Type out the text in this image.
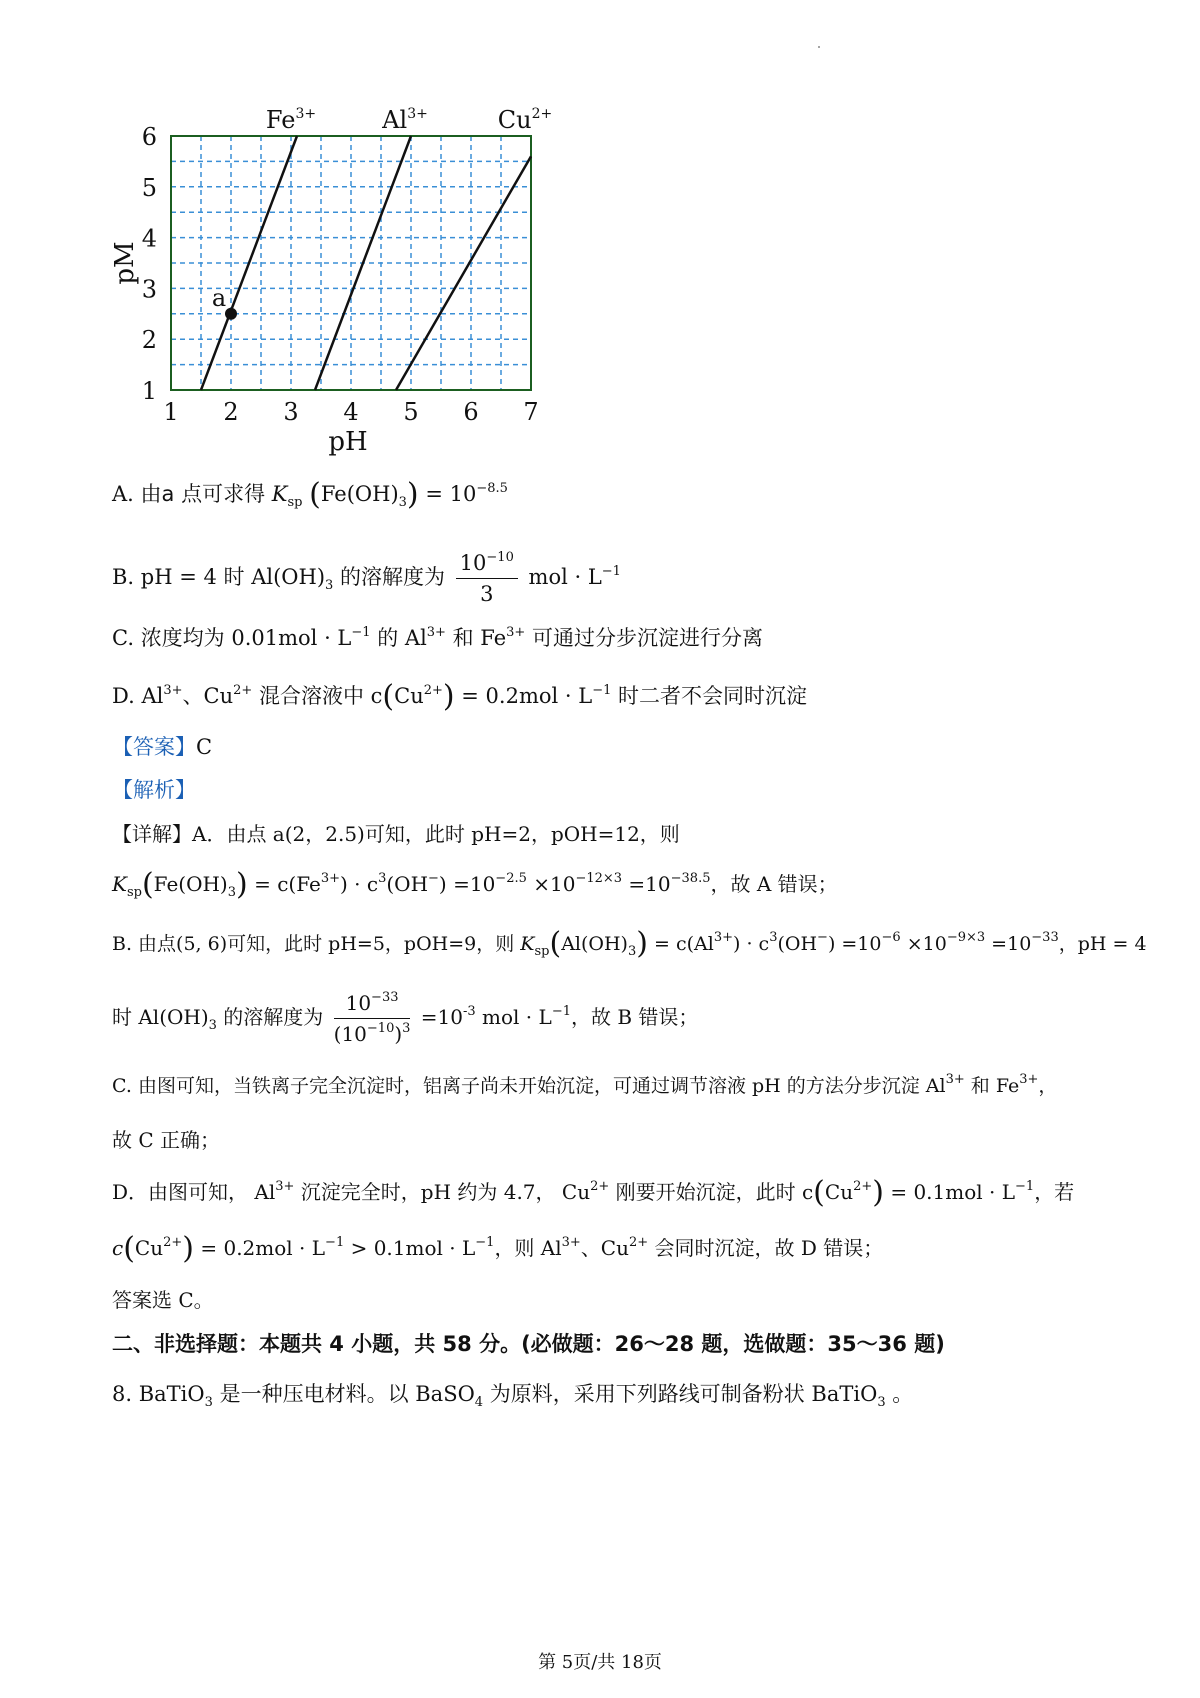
$Fe^{3+}$	$Al^{3+}$	$Cu^{2+}$
1 2 3 4 5 6 7
1
2
3
4
5
6
a
pH
pM
A. 由a 点可求得 $K_{sp}$ $(Fe(OH)_3) = 10^{-8.5}$
B. pH = 4 时 $Al(OH)_3$ 的溶解度为 $\frac{10^{-10}}{3}$ mol · $L^{-1}$
C. 浓度均为 $0.01mol \cdot L^{-1}$ 的 $Al^{3+}$ 和 $Fe^{3+}$ 可通过分步沉淀进行分离
D. $Al^{3+}$、$Cu^{2+}$ 混合溶液中 $c(Cu^{2+}) = 0.2mol \cdot L^{-1}$ 时二者不会同时沉淀
【答案】C
【解析】
【详解】A．由点 a(2，2.5)可知，此时 pH=2，pOH=12，则
$K_{sp}(Fe(OH)_3) = c(Fe^{3+}) \cdot c^3(OH^-) =10^{-2.5} \times 10^{-12\times 3} =10^{-38.5}$，故 A 错误；
B. 由点(5, 6)可知，此时 pH=5，pOH=9，则 $K_{sp}(Al(OH)_3) = c(Al^{3+}) \cdot c^3(OH^-) =10^{-6} \times 10^{-9\times 3} =10^{-33}$，pH = 4
时 $Al(OH)_3$ 的溶解度为 $\frac{10^{-33}}{(10^{-10})^3} =10^{-3}$ mol · $L^{-1}$，故 B 错误；
C. 由图可知，当铁离子完全沉淀时，铝离子尚未开始沉淀，可通过调节溶液 pH 的方法分步沉淀 $Al^{3+}$ 和 $Fe^{3+}$，
故 C 正确；
D．由图可知， $Al^{3+}$ 沉淀完全时，pH 约为 4.7， $Cu^{2+}$ 刚要开始沉淀，此时 $c(Cu^{2+}) = 0.1mol \cdot L^{-1}$，若
$c(Cu^{2+}) = 0.2mol \cdot L^{-1} > 0.1mol \cdot L^{-1}$，则 $Al^{3+}$、$Cu^{2+}$ 会同时沉淀，故 D 错误；
答案选 C。
二、非选择题：本题共 4 小题，共 58 分。(必做题：26～28 题，选做题：35～36 题)
8. BaTiO$_3$ 是一种压电材料。以 BaSO$_4$ 为原料，采用下列路线可制备粉状 BaTiO$_3$ 。
第 5页/共 18页
